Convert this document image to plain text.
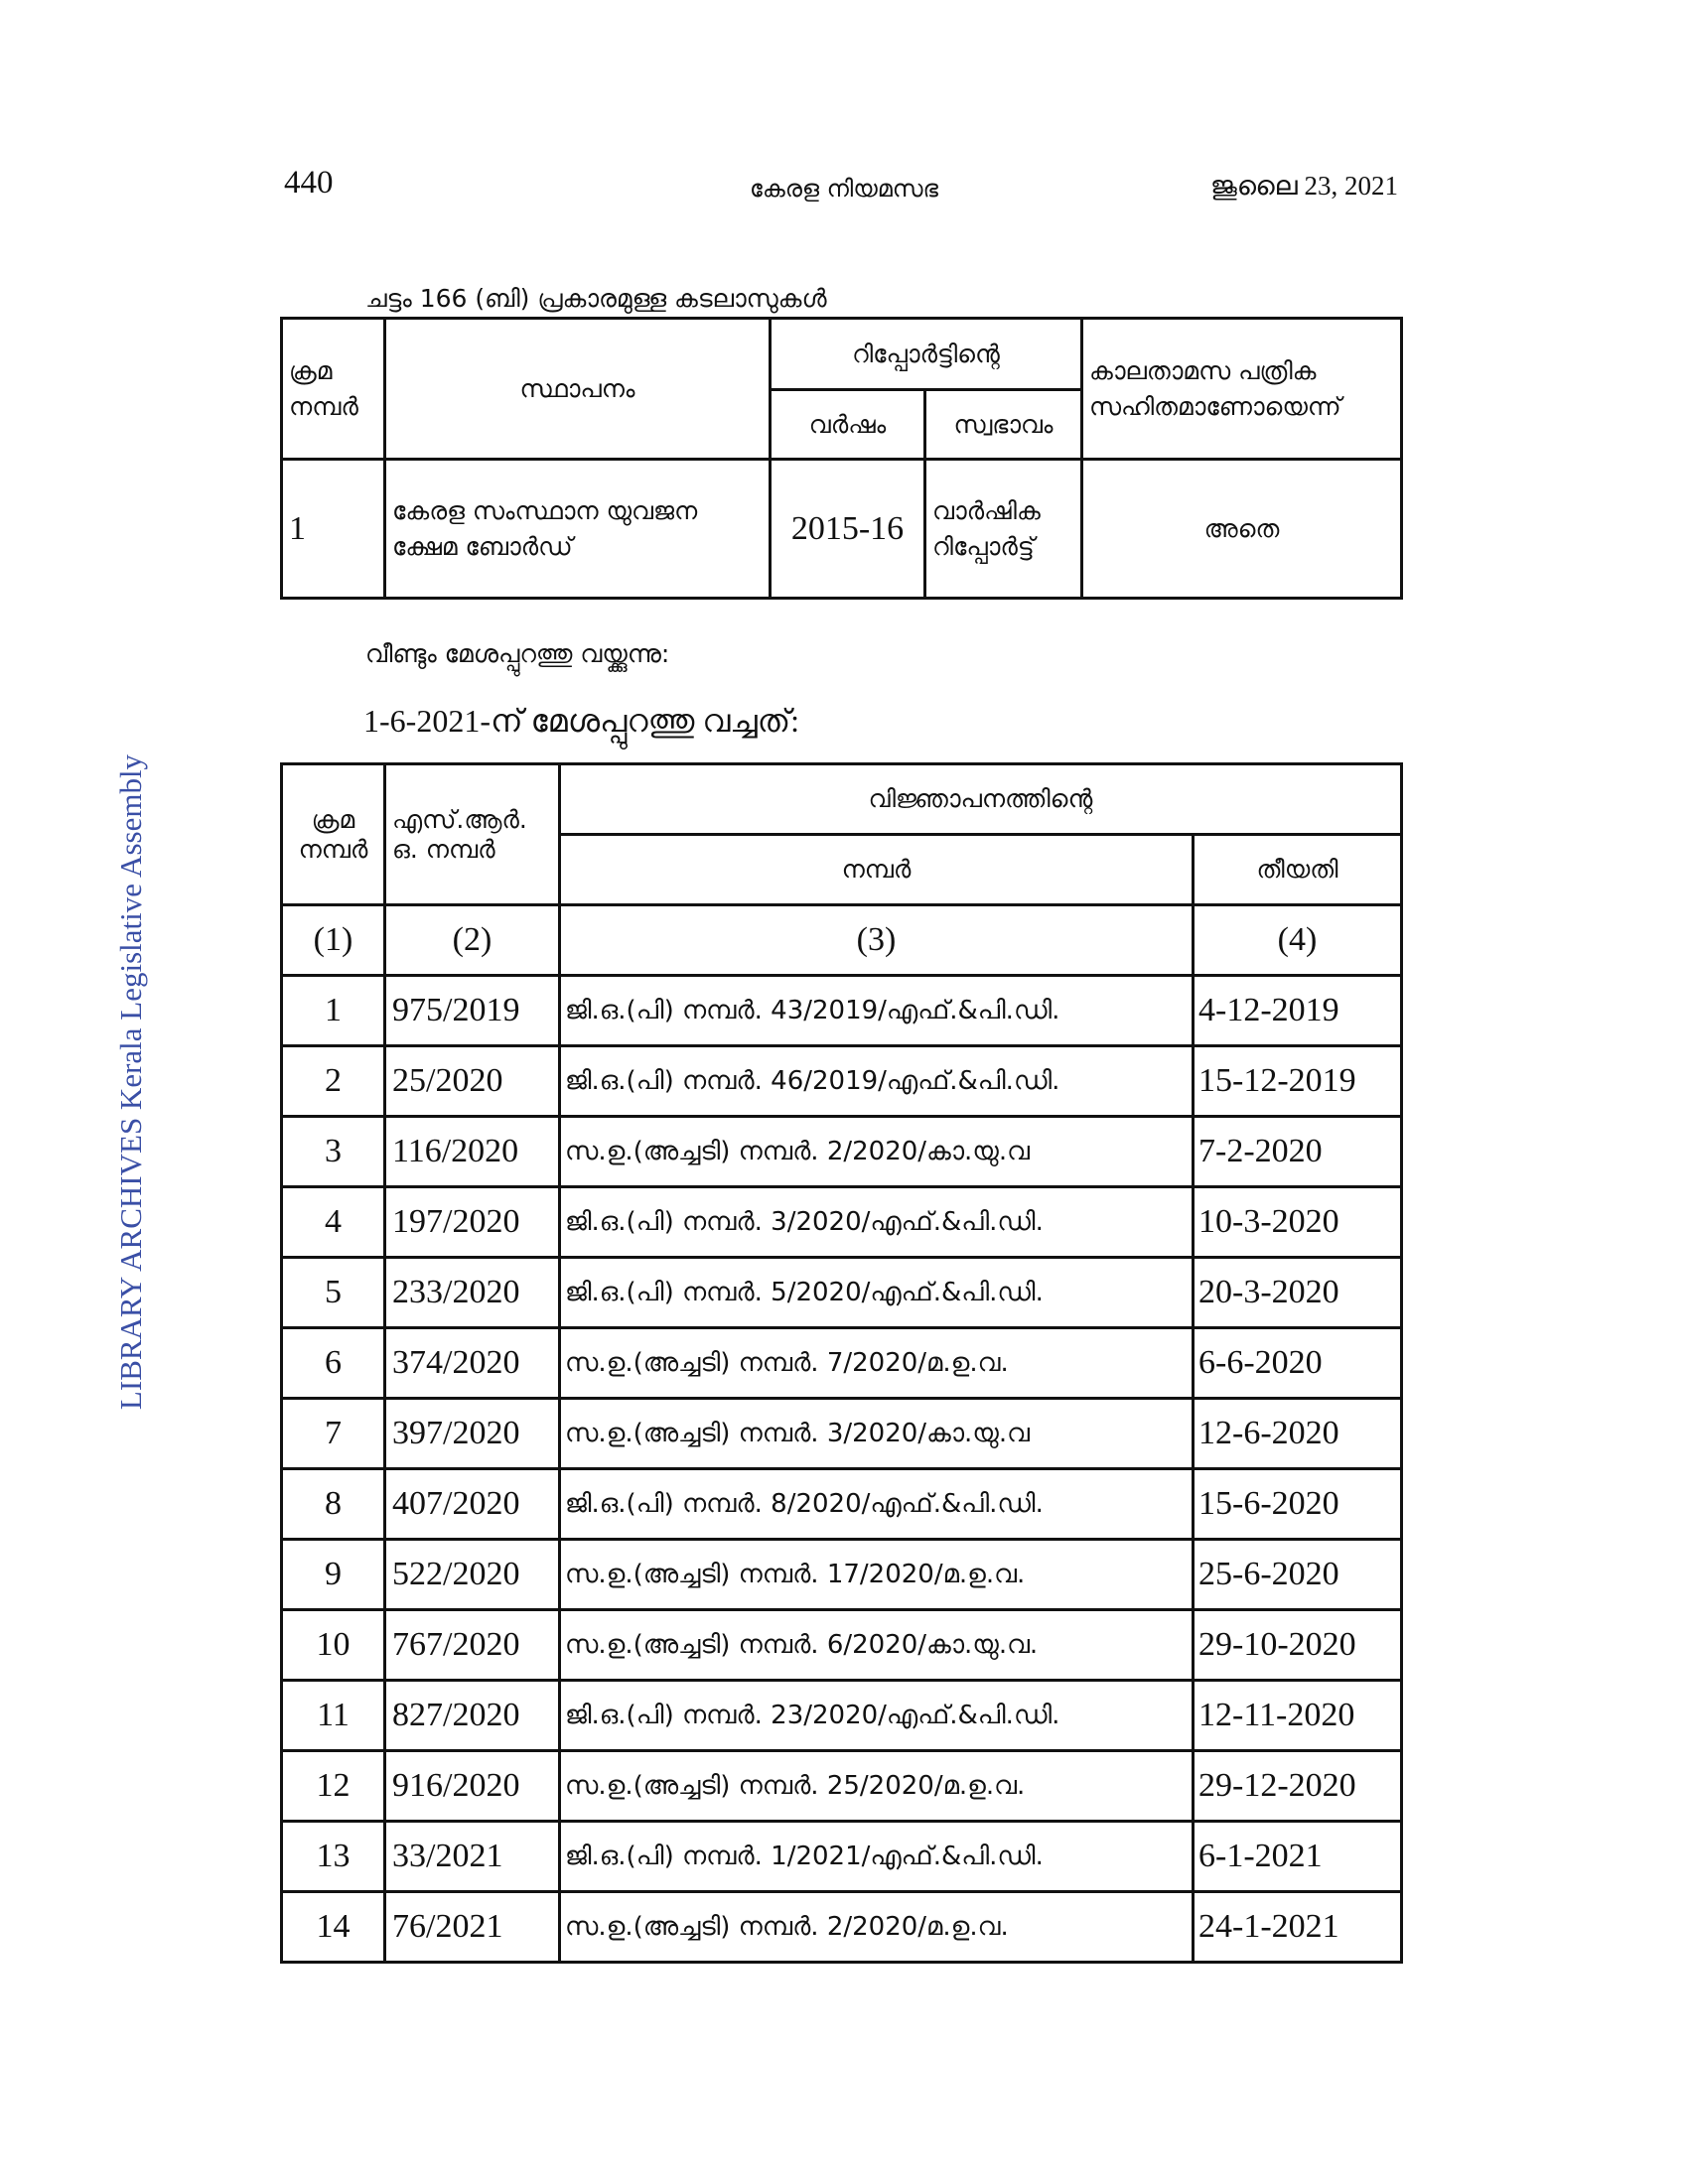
440	കേരള നിയമസഭ	ജൂലൈ 23, 2021
LIBRARY ARCHIVES Kerala Legislative Assembly
ചട്ടം 166 (ബി) പ്രകാരമുള്ള കടലാസുകൾ
ക്രമ നമ്പർ	സ്ഥാപനം	റിപ്പോർട്ടിന്റെ		കാലതാമസ പത്രിക സഹിതമാണോയെന്ന്
		വർഷം	സ്വഭാവം	
1	കേരള സംസ്ഥാന യുവജന ക്ഷേമ ബോർഡ്	2015-16	വാർഷിക റിപ്പോർട്ട്	അതെ
വീണ്ടും മേശപ്പുറത്തു വയ്ക്കുന്നു:
1-6-2021-ന് മേശപ്പുറത്തു വച്ചത്:
ക്രമ നമ്പർ	എസ്.ആർ. ഒ. നമ്പർ	വിജ്ഞാപനത്തിന്റെ	
		നമ്പർ	തീയതി
(1)	(2)	(3)	(4)
1	975/2019	ജി.ഒ.(പി) നമ്പർ. 43/2019/എഫ്.&പി.ഡി.	4-12-2019
2	25/2020	ജി.ഒ.(പി) നമ്പർ. 46/2019/എഫ്.&പി.ഡി.	15-12-2019
3	116/2020	സ.ഉ.(അച്ചടി) നമ്പർ. 2/2020/കാ.യു.വ	7-2-2020
4	197/2020	ജി.ഒ.(പി) നമ്പർ. 3/2020/എഫ്.&പി.ഡി.	10-3-2020
5	233/2020	ജി.ഒ.(പി) നമ്പർ. 5/2020/എഫ്.&പി.ഡി.	20-3-2020
6	374/2020	സ.ഉ.(അച്ചടി) നമ്പർ. 7/2020/മ.ഉ.വ.	6-6-2020
7	397/2020	സ.ഉ.(അച്ചടി) നമ്പർ. 3/2020/കാ.യു.വ	12-6-2020
8	407/2020	ജി.ഒ.(പി) നമ്പർ. 8/2020/എഫ്.&പി.ഡി.	15-6-2020
9	522/2020	സ.ഉ.(അച്ചടി) നമ്പർ. 17/2020/മ.ഉ.വ.	25-6-2020
10	767/2020	സ.ഉ.(അച്ചടി) നമ്പർ. 6/2020/കാ.യു.വ.	29-10-2020
11	827/2020	ജി.ഒ.(പി) നമ്പർ. 23/2020/എഫ്.&പി.ഡി.	12-11-2020
12	916/2020	സ.ഉ.(അച്ചടി) നമ്പർ. 25/2020/മ.ഉ.വ.	29-12-2020
13	33/2021	ജി.ഒ.(പി) നമ്പർ. 1/2021/എഫ്.&പി.ഡി.	6-1-2021
14	76/2021	സ.ഉ.(അച്ചടി) നമ്പർ. 2/2020/മ.ഉ.വ.	24-1-2021
